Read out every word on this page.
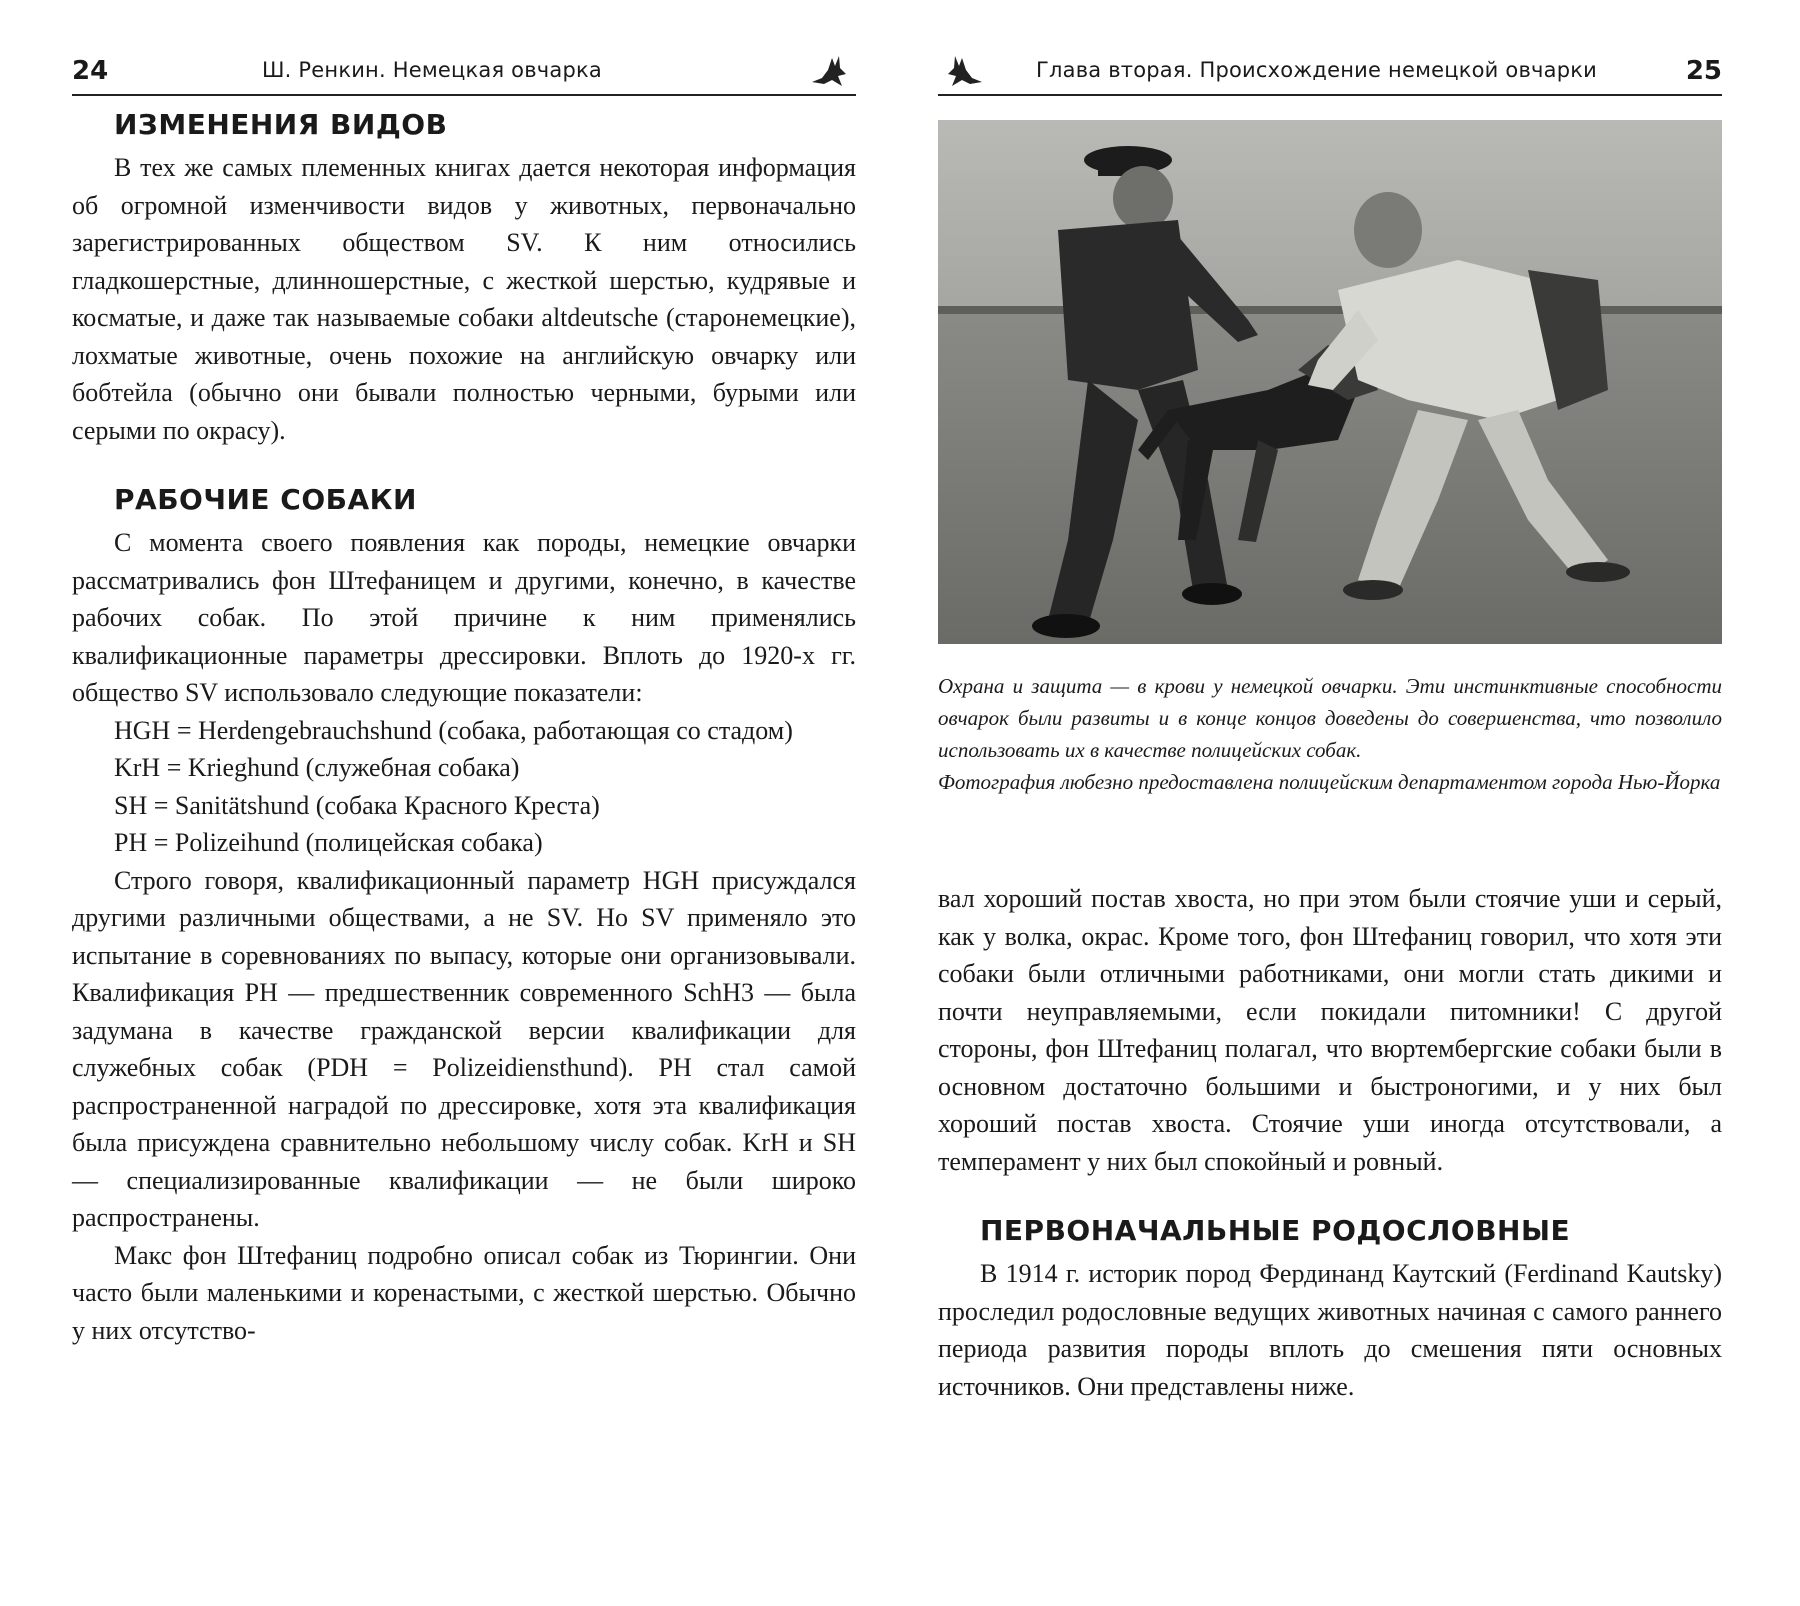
24	Ш. Ренкин. Немецкая овчарка
ИЗМЕНЕНИЯ ВИДОВ

В тех же самых племенных книгах дается некоторая информация об огромной изменчивости видов у животных, первоначально зарегистрированных обществом SV. К ним относились гладкошерстные, длинношерстные, с жесткой шерстью, кудрявые и косматые, и даже так называемые собаки altdeutsche (старонемецкие), лохматые животные, очень похожие на английскую овчарку или бобтейла (обычно они бывали полностью черными, бурыми или серыми по окрасу).

РАБОЧИЕ СОБАКИ

С момента своего появления как породы, немецкие овчарки рассматривались фон Штефаницем и другими, конечно, в качестве рабочих собак. По этой причине к ним применялись квалификационные параметры дрессировки. Вплоть до 1920-х гг. общество SV использовало следующие показатели:

HGH = Herdengebrauchshund (собака, работающая со стадом)
KrH = Krieghund (служебная собака)
SH = Sanitätshund (собака Красного Креста)
PH = Polizeihund (полицейская собака)

Строго говоря, квалификационный параметр HGH присуждался другими различными обществами, а не SV. Но SV применяло это испытание в соревнованиях по выпасу, которые они организовывали. Квалификация PH — предшественник современного SchH3 — была задумана в качестве гражданской версии квалификации для служебных собак (PDH = Polizeidiensthund). PH стал самой распространенной наградой по дрессировке, хотя эта квалификация была присуждена сравнительно небольшому числу собак. KrH и SH — специализированные квалификации — не были широко распространены.

Макс фон Штефаниц подробно описал собак из Тюрингии. Они часто были маленькими и коренастыми, с жесткой шерстью. Обычно у них отсутство-

Глава вторая. Происхождение немецкой овчарки	25
Охрана и защита — в крови у немецкой овчарки. Эти инстинктивные способности овчарок были развиты и в конце концов доведены до совершенства, что позволило использовать их в качестве полицейских собак.
Фотография любезно предоставлена полицейским департаментом города Нью-Йорка

вал хороший постав хвоста, но при этом были стоячие уши и серый, как у волка, окрас. Кроме того, фон Штефаниц говорил, что хотя эти собаки были отличными работниками, они могли стать дикими и почти неуправляемыми, если покидали питомники! С другой стороны, фон Штефаниц полагал, что вюртембергские собаки были в основном достаточно большими и быстроногими, и у них был хороший постав хвоста. Стоячие уши иногда отсутствовали, а темперамент у них был спокойный и ровный.

ПЕРВОНАЧАЛЬНЫЕ РОДОСЛОВНЫЕ

В 1914 г. историк пород Фердинанд Каутский (Ferdinand Kautsky) проследил родословные ведущих животных начиная с самого раннего периода развития породы вплоть до смешения пяти основных источников. Они представлены ниже.
